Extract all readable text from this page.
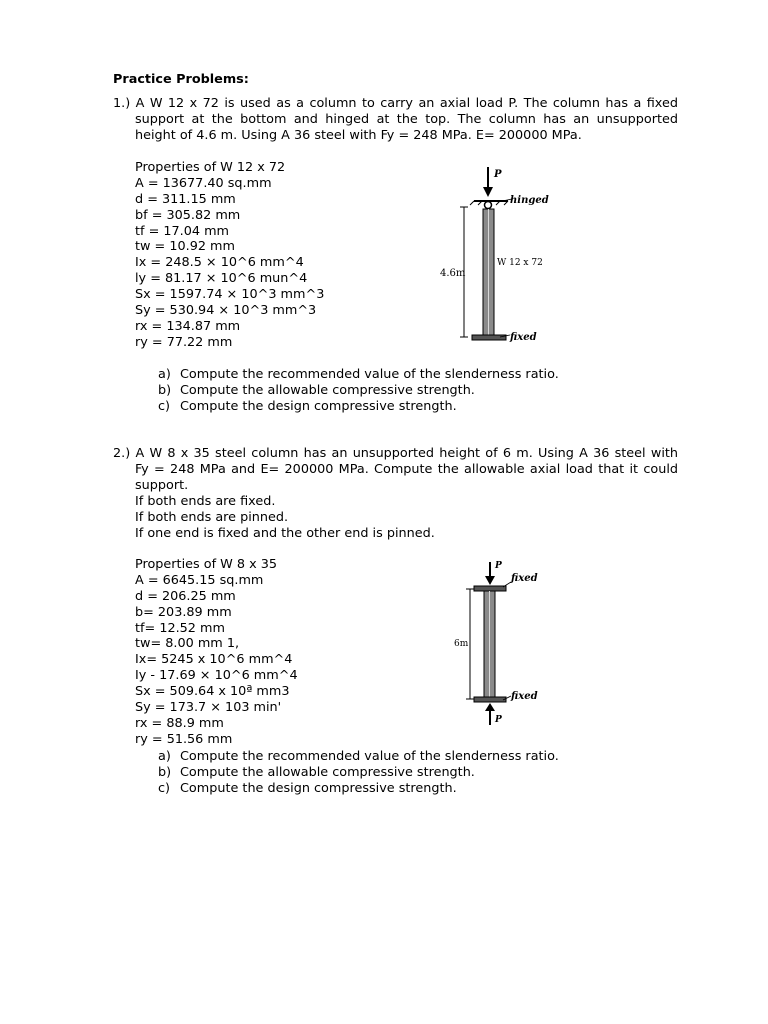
Practice Problems:
1.) A W 12 x 72 is used as a column to carry an axial load P. The column has a fixed
support at the bottom and hinged at the top. The column has an unsupported
height of 4.6 m. Using A 36 steel with Fy = 248 MPa. E= 200000 MPa.
Properties of W 12 x 72
A = 13677.40 sq.mm
d = 311.15 mm
bf = 305.82 mm
tf = 17.04 mm
tw = 10.92 mm
Ix = 248.5 × 10^6 mm^4
ly = 81.17 × 10^6 mun^4
Sx = 1597.74 × 10^3 mm^3
Sy = 530.94 × 10^3 mm^3
rx = 134.87 mm
ry = 77.22 mm
P
hinged
4.6m
W 12 x 72
fixed
a) Compute the recommended value of the slenderness ratio.
b) Compute the allowable compressive strength.
c) Compute the design compressive strength.
2.) A W 8 x 35 steel column has an unsupported height of 6 m. Using A 36 steel with
Fy = 248 MPa and E= 200000 MPa. Compute the allowable axial load that it could
support.
If both ends are fixed.
If both ends are pinned.
If one end is fixed and the other end is pinned.
Properties of W 8 x 35
A = 6645.15 sq.mm
d = 206.25 mm
b= 203.89 mm
tf= 12.52 mm
tw= 8.00 mm 1,
Ix= 5245 x 10^6 mm^4
Iy - 17.69 × 10^6 mm^4
Sx = 509.64 x 10ª mm3
Sy = 173.7 × 103 min'
rx = 88.9 mm
ry = 51.56 mm
P
fixed
6m
fixed
P
a) Compute the recommended value of the slenderness ratio.
b) Compute the allowable compressive strength.
c) Compute the design compressive strength.
